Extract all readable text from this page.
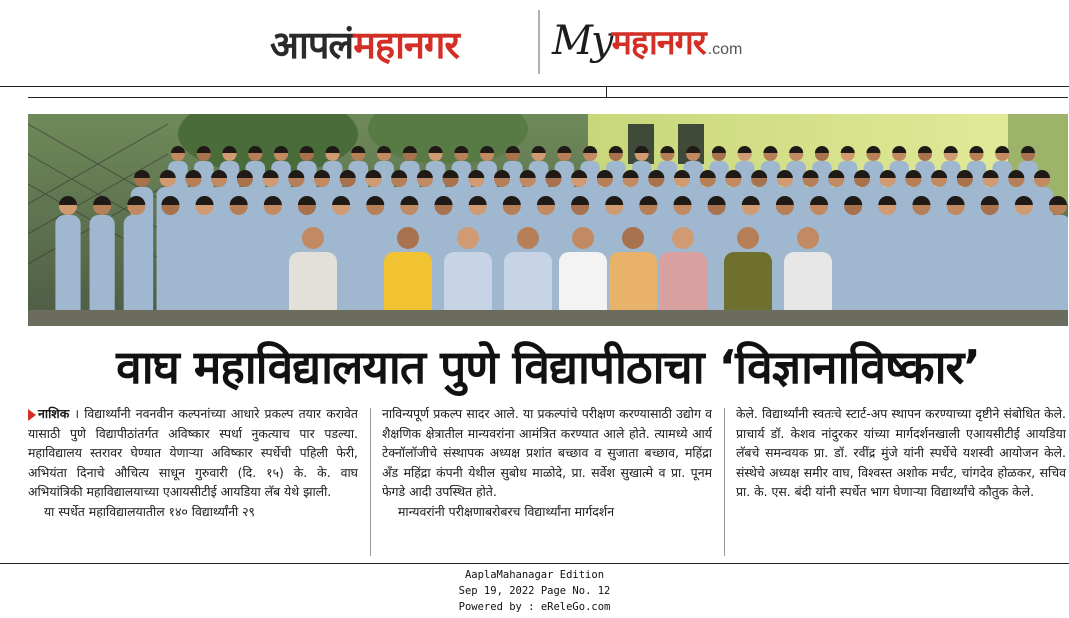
आपलं महानगर My महानगर .com
वाघ महाविद्यालयात पुणे विद्यापीठाचा ‘विज्ञानाविष्कार’

नाशिक । विद्यार्थ्यांनी नवनवीन कल्पनांच्या आधारे प्रकल्प तयार करावेत यासाठी पुणे विद्यापीठांतर्गत अविष्कार स्पर्धा नुकत्याच पार पडल्या. महाविद्यालय स्तरावर घेण्यात येणाऱ्या अविष्कार स्पर्धेची पहिली फेरी, अभियंता दिनाचे औचित्य साधून गुरुवारी (दि. १५) के. के. वाघ अभियांत्रिकी महाविद्यालयाच्या एआयसीटीई आयडिया लॅब येथे झाली.

या स्पर्धेत महाविद्यालयातील १४० विद्यार्थ्यांनी २९

नाविन्यपूर्ण प्रकल्प सादर आले. या प्रकल्पांचे परीक्षण करण्यासाठी उद्योग व शैक्षणिक क्षेत्रातील मान्यवरांना आमंत्रित करण्यात आले होते. त्यामध्ये आर्य टेक्नॉलॉजीचे संस्थापक अध्यक्ष प्रशांत बच्छाव व सुजाता बच्छाव, महिंद्रा अँड महिंद्रा कंपनी येथील सुबोध माळोदे, प्रा. सर्वेश सुखात्मे व प्रा. पूनम फेगडे आदी उपस्थित होते.

मान्यवरांनी परीक्षणाबरोबरच विद्यार्थ्यांना मार्गदर्शन

केले. विद्यार्थ्यांनी स्वतःचे स्टार्ट-अप स्थापन करण्याच्या दृष्टीने संबोधित केले. प्राचार्य डॉ. केशव नांदुरकर यांच्या मार्गदर्शनखाली एआयसीटीई आयडिया लॅबचे समन्वयक प्रा. डॉ. रवींद्र मुंजे यांनी स्पर्धेचे यशस्वी आयोजन केले. संस्थेचे अध्यक्ष समीर वाघ, विश्वस्त अशोक मर्चंट, चांगदेव होळकर, सचिव प्रा. के. एस. बंदी यांनी स्पर्धेत भाग घेणाऱ्या विद्यार्थ्यांचे कौतुक केले.

AaplaMahanagar Edition
Sep 19, 2022 Page No. 12
Powered by : eReleGo.com
